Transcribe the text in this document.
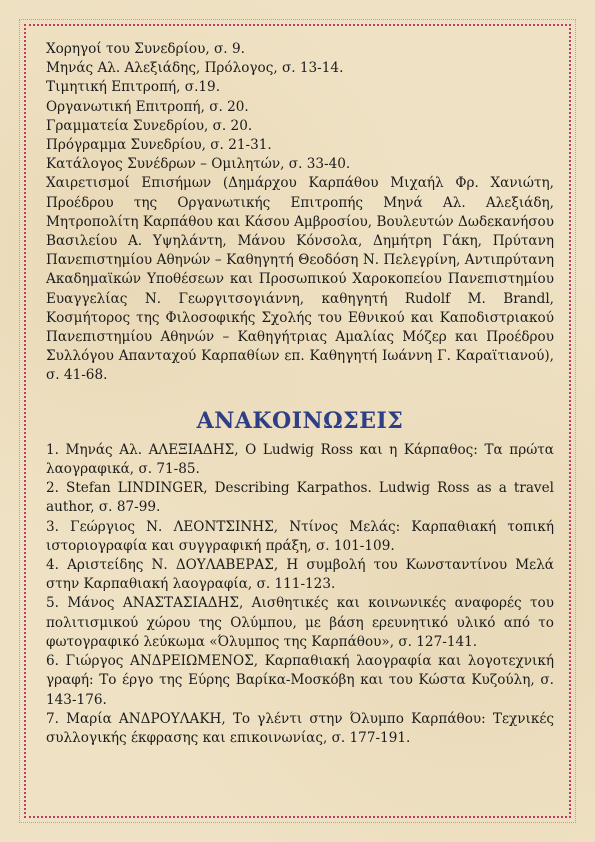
Χορηγοί του Συνεδρίου, σ. 9.

Μηνάς Αλ. Αλεξιάδης, Πρόλογος, σ. 13-14.

Τιμητική Επιτροπή, σ.19.

Οργανωτική Επιτροπή, σ. 20.

Γραμματεία Συνεδρίου, σ. 20.

Πρόγραμμα Συνεδρίου, σ. 21-31.

Κατάλογος Συνέδρων – Ομιλητών, σ. 33-40.

Χαιρετισμοί Επισήμων (Δημάρχου Καρπάθου Μιχαήλ Φρ. Χανιώτη, Προέδρου της Οργανωτικής Επιτροπής Μηνά Αλ. Αλεξιάδη, Μητροπολίτη Καρπάθου και Κάσου Αμβροσίου, Βουλευτών Δωδεκανήσου Βασιλείου Α. Υψηλάντη, Μάνου Κόνσολα, Δημήτρη Γάκη, Πρύτανη Πανεπιστημίου Αθηνών – Καθηγητή Θεοδόση Ν. Πελεγρίνη, Αντιπρύτανη Ακαδημαϊκών Υποθέσεων και Προσωπικού Χαροκοπείου Πανεπιστημίου Ευαγγελίας Ν. Γεωργιτσογιάννη, καθηγητή Rudolf M. Brandl, Κοσμήτορος της Φιλοσοφικής Σχολής του Εθνικού και Καποδιστριακού Πανεπιστημίου Αθηνών – Καθηγήτριας Αμαλίας Μόζερ και Προέδρου Συλλόγου Απανταχού Καρπαθίων επ. Καθηγητή Ιωάννη Γ. Καραϊτιανού), σ. 41-68.

ΑΝΑΚΟΙΝΩΣΕΙΣ

1. Μηνάς Αλ. ΑΛΕΞΙΑΔΗΣ, Ο Ludwig Ross και η Κάρπαθος: Τα πρώτα λαογραφικά, σ. 71-85.

2. Stefan LINDINGER, Describing Karpathos. Ludwig Ross as a travel author, σ. 87-99.

3. Γεώργιος Ν. ΛΕΟΝΤΣΙΝΗΣ, Ντίνος Μελάς: Καρπαθιακή τοπική ιστοριογραφία και συγγραφική πράξη, σ. 101-109.

4. Αριστείδης Ν. ΔΟΥΛΑΒΕΡΑΣ, Η συμβολή του Κωνσταντίνου Μελά στην Καρπαθιακή λαογραφία, σ. 111-123.

5. Μάνος ΑΝΑΣΤΑΣΙΑΔΗΣ, Αισθητικές και κοινωνικές αναφορές του πολιτισμικού χώρου της Ολύμπου, με βάση ερευνητικό υλικό από το φωτογραφικό λεύκωμα «Όλυμπος της Καρπάθου», σ. 127-141.

6. Γιώργος ΑΝΔΡΕΙΩΜΕΝΟΣ, Καρπαθιακή λαογραφία και λογοτεχνική γραφή: Το έργο της Εύρης Βαρίκα-Μοσκόβη και του Κώστα Κυζούλη, σ. 143-176.

7. Μαρία ΑΝΔΡΟΥΛΑΚΗ, Το γλέντι στην Όλυμπο Καρπάθου: Τεχνικές συλλογικής έκφρασης και επικοινωνίας, σ. 177-191.
